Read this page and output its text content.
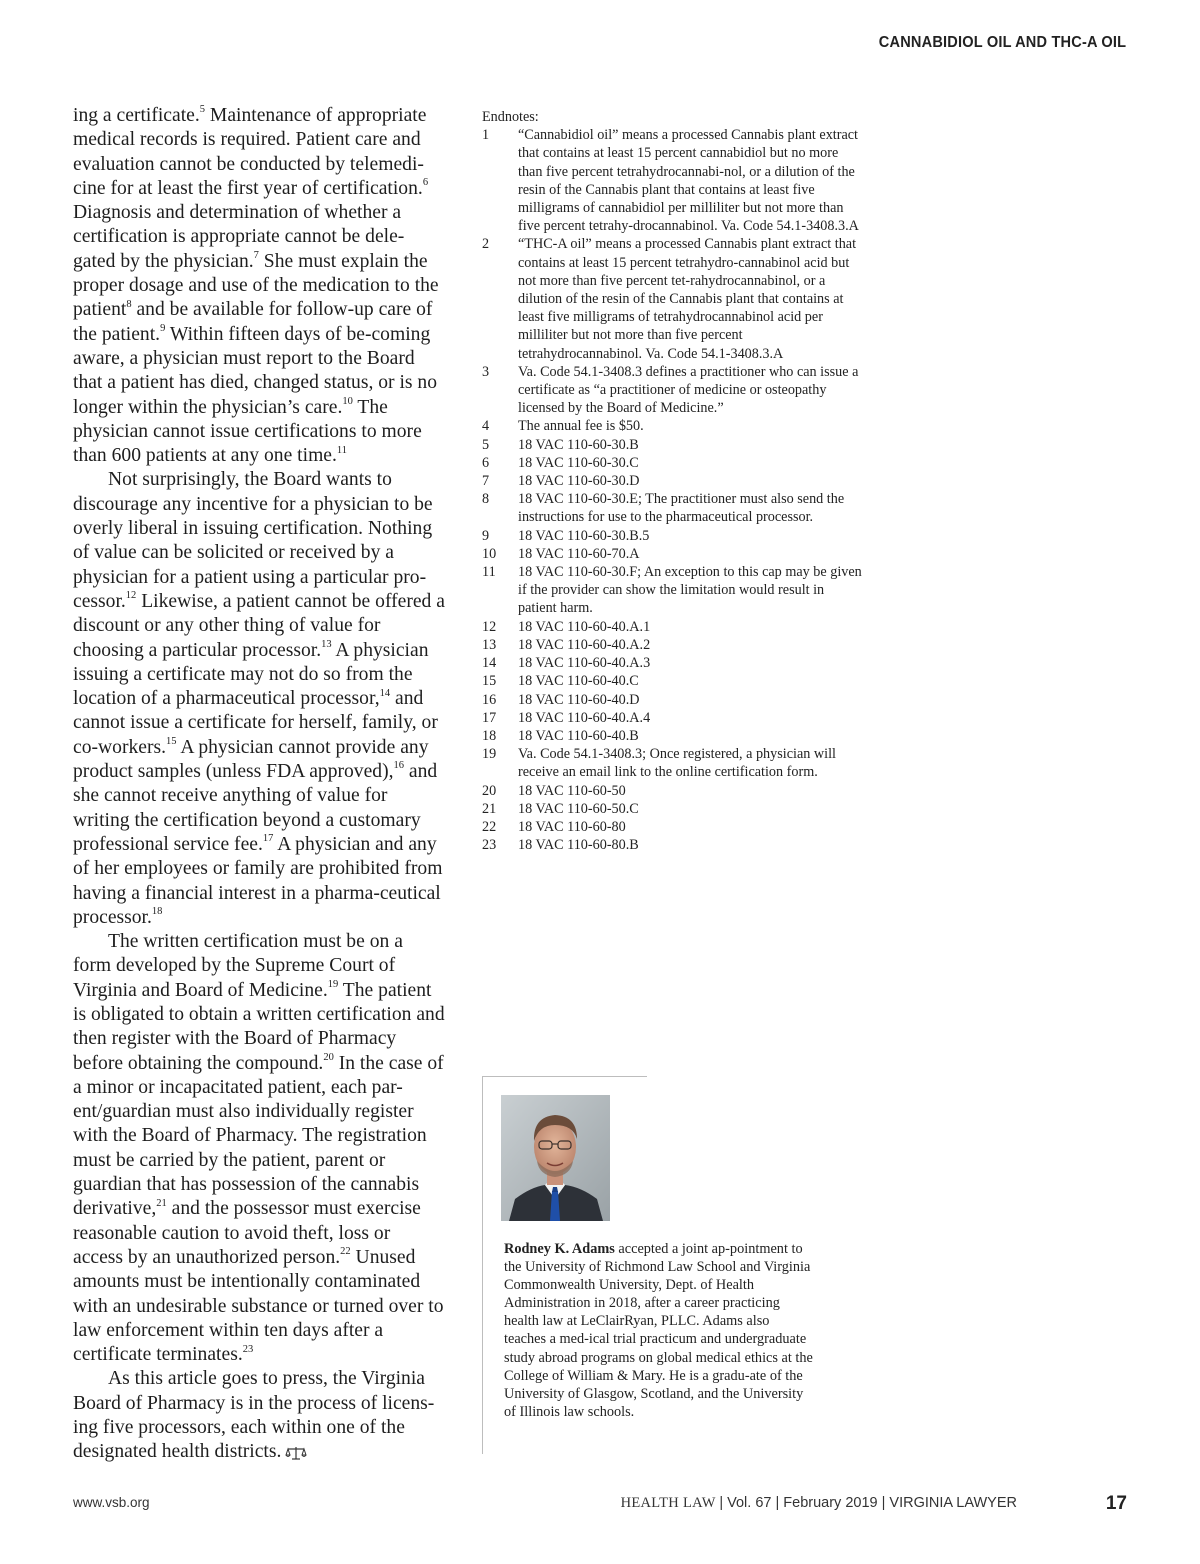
CANNABIDIOL OIL AND THC-A OIL

ing a certificate.$^5$ Maintenance of appropriate medical records is required. Patient care and evaluation cannot be conducted by telemedi-cine for at least the first year of certification.$^6$ Diagnosis and determination of whether a certification is appropriate cannot be dele-gated by the physician.$^7$ She must explain the proper dosage and use of the medication to the patient$^8$ and be available for follow-up care of the patient.$^9$ Within fifteen days of be-coming aware, a physician must report to the Board that a patient has died, changed status, or is no longer within the physician’s care.$^{10}$ The physician cannot issue certifications to more than 600 patients at any one time.$^{11}$

Not surprisingly, the Board wants to discourage any incentive for a physician to be overly liberal in issuing certification. Nothing of value can be solicited or received by a physician for a patient using a particular pro-cessor.$^{12}$ Likewise, a patient cannot be offered a discount or any other thing of value for choosing a particular processor.$^{13}$ A physician issuing a certificate may not do so from the location of a pharmaceutical processor,$^{14}$ and cannot issue a certificate for herself, family, or co-workers.$^{15}$ A physician cannot provide any product samples (unless FDA approved),$^{16}$ and she cannot receive anything of value for writing the certification beyond a customary professional service fee.$^{17}$ A physician and any of her employees or family are prohibited from having a financial interest in a pharma-ceutical processor.$^{18}$

The written certification must be on a form developed by the Supreme Court of Virginia and Board of Medicine.$^{19}$ The patient is obligated to obtain a written certification and then register with the Board of Pharmacy before obtaining the compound.$^{20}$ In the case of a minor or incapacitated patient, each par-ent/guardian must also individually register with the Board of Pharmacy. The registration must be carried by the patient, parent or guardian that has possession of the cannabis derivative,$^{21}$ and the possessor must exercise reasonable caution to avoid theft, loss or access by an unauthorized person.$^{22}$ Unused amounts must be intentionally contaminated with an undesirable substance or turned over to law enforcement within ten days after a certificate terminates.$^{23}$

As this article goes to press, the Virginia Board of Pharmacy is in the process of licens-ing five processors, each within one of the designated health districts.

Endnotes:

1	“Cannabidiol oil” means a processed Cannabis plant extract that contains at least 15 percent cannabidiol but no more than five percent tetrahydrocannabi-nol, or a dilution of the resin of the Cannabis plant that contains at least five milligrams of cannabidiol per milliliter but not more than five percent tetrahy-drocannabinol. Va. Code 54.1-3408.3.A
2	“THC-A oil” means a processed Cannabis plant extract that contains at least 15 percent tetrahydro-cannabinol acid but not more than five percent tet-rahydrocannabinol, or a dilution of the resin of the Cannabis plant that contains at least five milligrams of tetrahydrocannabinol acid per milliliter but not more than five percent tetrahydrocannabinol. Va. Code 54.1-3408.3.A
3	Va. Code 54.1-3408.3 defines a practitioner who can issue a certificate as “a practitioner of medicine or osteopathy licensed by the Board of Medicine.”
4	The annual fee is $50.
5	18 VAC 110-60-30.B
6	18 VAC 110-60-30.C
7	18 VAC 110-60-30.D
8	18 VAC 110-60-30.E; The practitioner must also send the instructions for use to the pharmaceutical processor.
9	18 VAC 110-60-30.B.5
10	18 VAC 110-60-70.A
11	18 VAC 110-60-30.F; An exception to this cap may be given if the provider can show the limitation would result in patient harm.
12	18 VAC 110-60-40.A.1
13	18 VAC 110-60-40.A.2
14	18 VAC 110-60-40.A.3
15	18 VAC 110-60-40.C
16	18 VAC 110-60-40.D
17	18 VAC 110-60-40.A.4
18	18 VAC 110-60-40.B
19	Va. Code 54.1-3408.3; Once registered, a physician will receive an email link to the online certification form.
20	18 VAC 110-60-50
21	18 VAC 110-60-50.C
22	18 VAC 110-60-80
23	18 VAC 110-60-80.B
Rodney K. Adams accepted a joint ap-pointment to the University of Richmond Law School and Virginia Commonwealth University, Dept. of Health Administration in 2018, after a career practicing health law at LeClairRyan, PLLC. Adams also teaches a med-ical trial practicum and undergraduate study abroad programs on global medical ethics at the College of William & Mary. He is a gradu-ate of the University of Glasgow, Scotland, and the University of Illinois law schools.
www.vsb.org	HEALTH LAW | Vol. 67 | February 2019 | VIRGINIA LAWYER	17
